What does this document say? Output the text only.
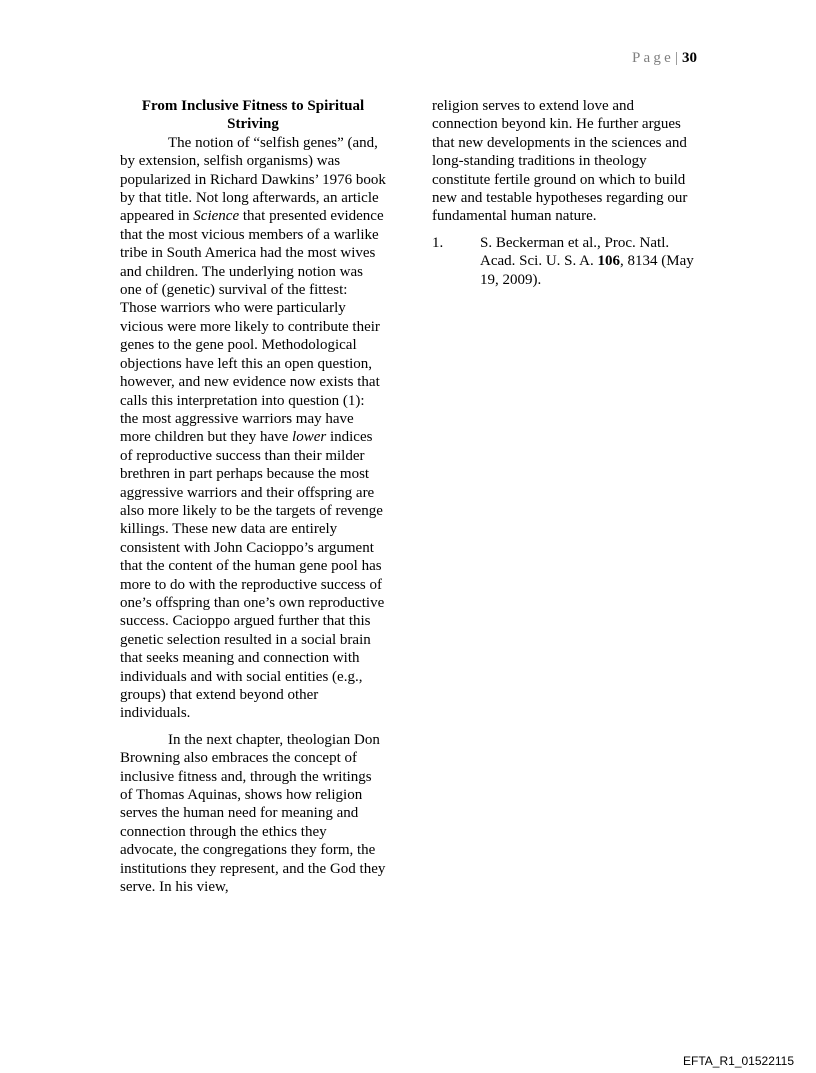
Page| 30
From Inclusive Fitness to Spiritual Striving

The notion of “selfish genes” (and, by extension, selfish organisms) was popularized in Richard Dawkins’ 1976 book by that title. Not long afterwards, an article appeared in Science that presented evidence that the most vicious members of a warlike tribe in South America had the most wives and children. The underlying notion was one of (genetic) survival of the fittest: Those warriors who were particularly vicious were more likely to contribute their genes to the gene pool. Methodological objections have left this an open question, however, and new evidence now exists that calls this interpretation into question (1): the most aggressive warriors may have more children but they have lower indices of reproductive success than their milder brethren in part perhaps because the most aggressive warriors and their offspring are also more likely to be the targets of revenge killings. These new data are entirely consistent with John Cacioppo’s argument that the content of the human gene pool has more to do with the reproductive success of one’s offspring than one’s own reproductive success. Cacioppo argued further that this genetic selection resulted in a social brain that seeks meaning and connection with individuals and with social entities (e.g., groups) that extend beyond other individuals.

In the next chapter, theologian Don Browning also embraces the concept of inclusive fitness and, through the writings of Thomas Aquinas, shows how religion serves the human need for meaning and connection through the ethics they advocate, the congregations they form, the institutions they represent, and the God they serve. In his view,

religion serves to extend love and connection beyond kin. He further argues that new developments in the sciences and long-standing traditions in theology constitute fertile ground on which to build new and testable hypotheses regarding our fundamental human nature.

1. S. Beckerman et al., Proc. Natl. Acad. Sci. U. S. A. 106, 8134 (May 19, 2009).
EFTA_R1_01522115
